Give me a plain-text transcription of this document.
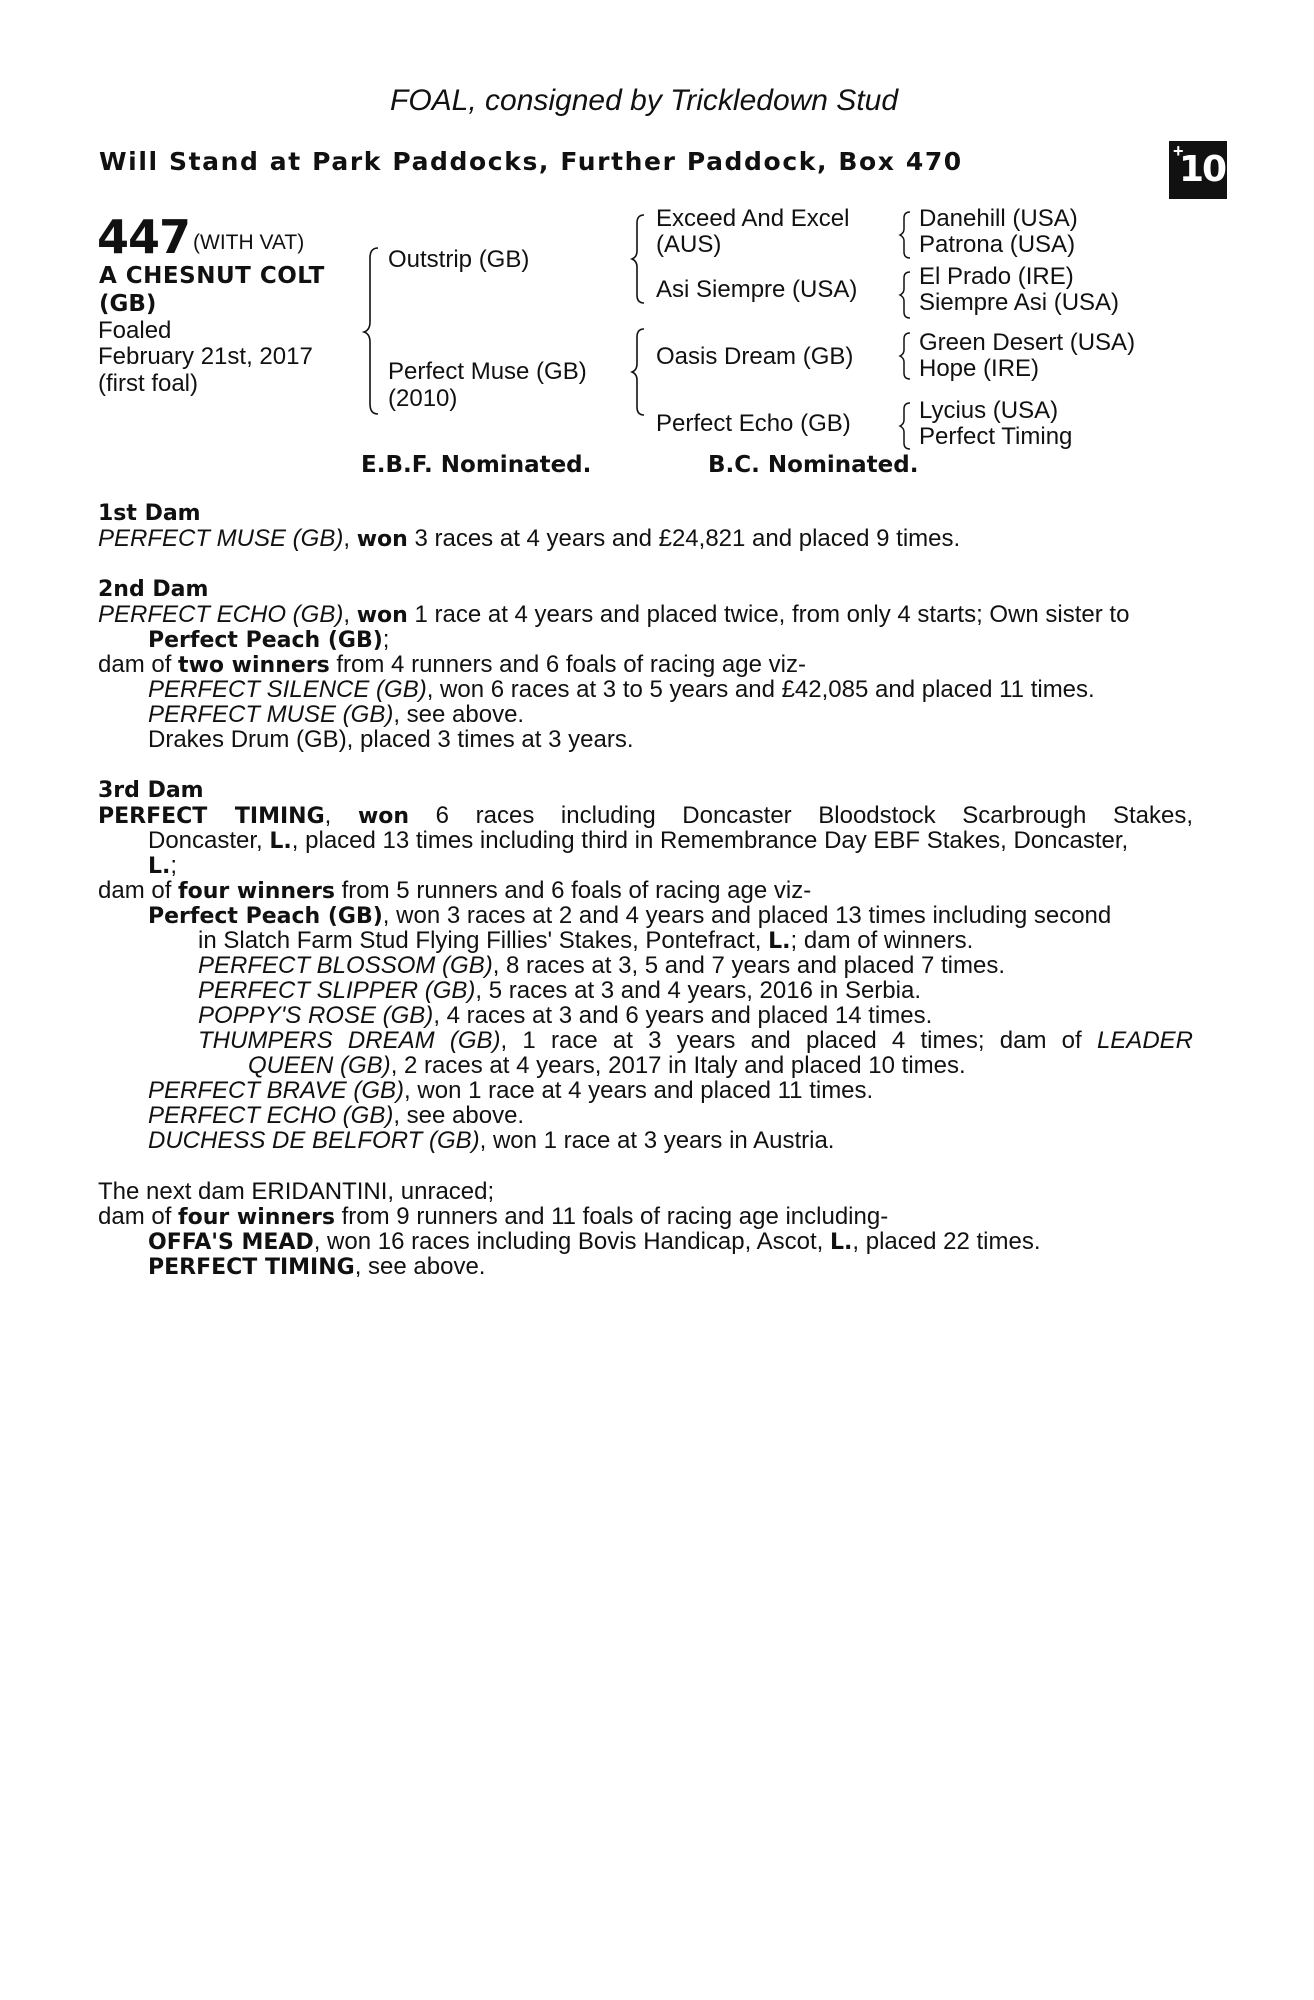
FOAL, consigned by Trickledown Stud
Will Stand at Park Paddocks, Further Paddock, Box 470	+
10
447 (WITH VAT)
A CHESNUT COLT
(GB)
Foaled
February 21st, 2017
(first foal)
Outstrip (GB)
Perfect Muse (GB)
(2010)
Exceed And Excel
(AUS)
Asi Siempre (USA)
Oasis Dream (GB)
Perfect Echo (GB)
Danehill (USA)
Patrona (USA)
El Prado (IRE)
Siempre Asi (USA)
Green Desert (USA)
Hope (IRE)
Lycius (USA)
Perfect Timing
E.B.F. Nominated.	B.C. Nominated.
1st Dam
PERFECT MUSE (GB), won 3 races at 4 years and £24,821 and placed 9 times.
2nd Dam
PERFECT ECHO (GB), won 1 race at 4 years and placed twice, from only 4 starts; Own sister to
Perfect Peach (GB);
dam of two winners from 4 runners and 6 foals of racing age viz-
PERFECT SILENCE (GB), won 6 races at 3 to 5 years and £42,085 and placed 11 times.
PERFECT MUSE (GB), see above.
Drakes Drum (GB), placed 3 times at 3 years.
3rd Dam
PERFECT TIMING, won 6 races including Doncaster Bloodstock Scarbrough Stakes,
Doncaster, L., placed 13 times including third in Remembrance Day EBF Stakes, Doncaster,
L.;
dam of four winners from 5 runners and 6 foals of racing age viz-
Perfect Peach (GB), won 3 races at 2 and 4 years and placed 13 times including second
in Slatch Farm Stud Flying Fillies' Stakes, Pontefract, L.; dam of winners.
PERFECT BLOSSOM (GB), 8 races at 3, 5 and 7 years and placed 7 times.
PERFECT SLIPPER (GB), 5 races at 3 and 4 years, 2016 in Serbia.
POPPY'S ROSE (GB), 4 races at 3 and 6 years and placed 14 times.
THUMPERS DREAM (GB), 1 race at 3 years and placed 4 times; dam of LEADER
QUEEN (GB), 2 races at 4 years, 2017 in Italy and placed 10 times.
PERFECT BRAVE (GB), won 1 race at 4 years and placed 11 times.
PERFECT ECHO (GB), see above.
DUCHESS DE BELFORT (GB), won 1 race at 3 years in Austria.
The next dam ERIDANTINI, unraced;
dam of four winners from 9 runners and 11 foals of racing age including-
OFFA'S MEAD, won 16 races including Bovis Handicap, Ascot, L., placed 22 times.
PERFECT TIMING, see above.
